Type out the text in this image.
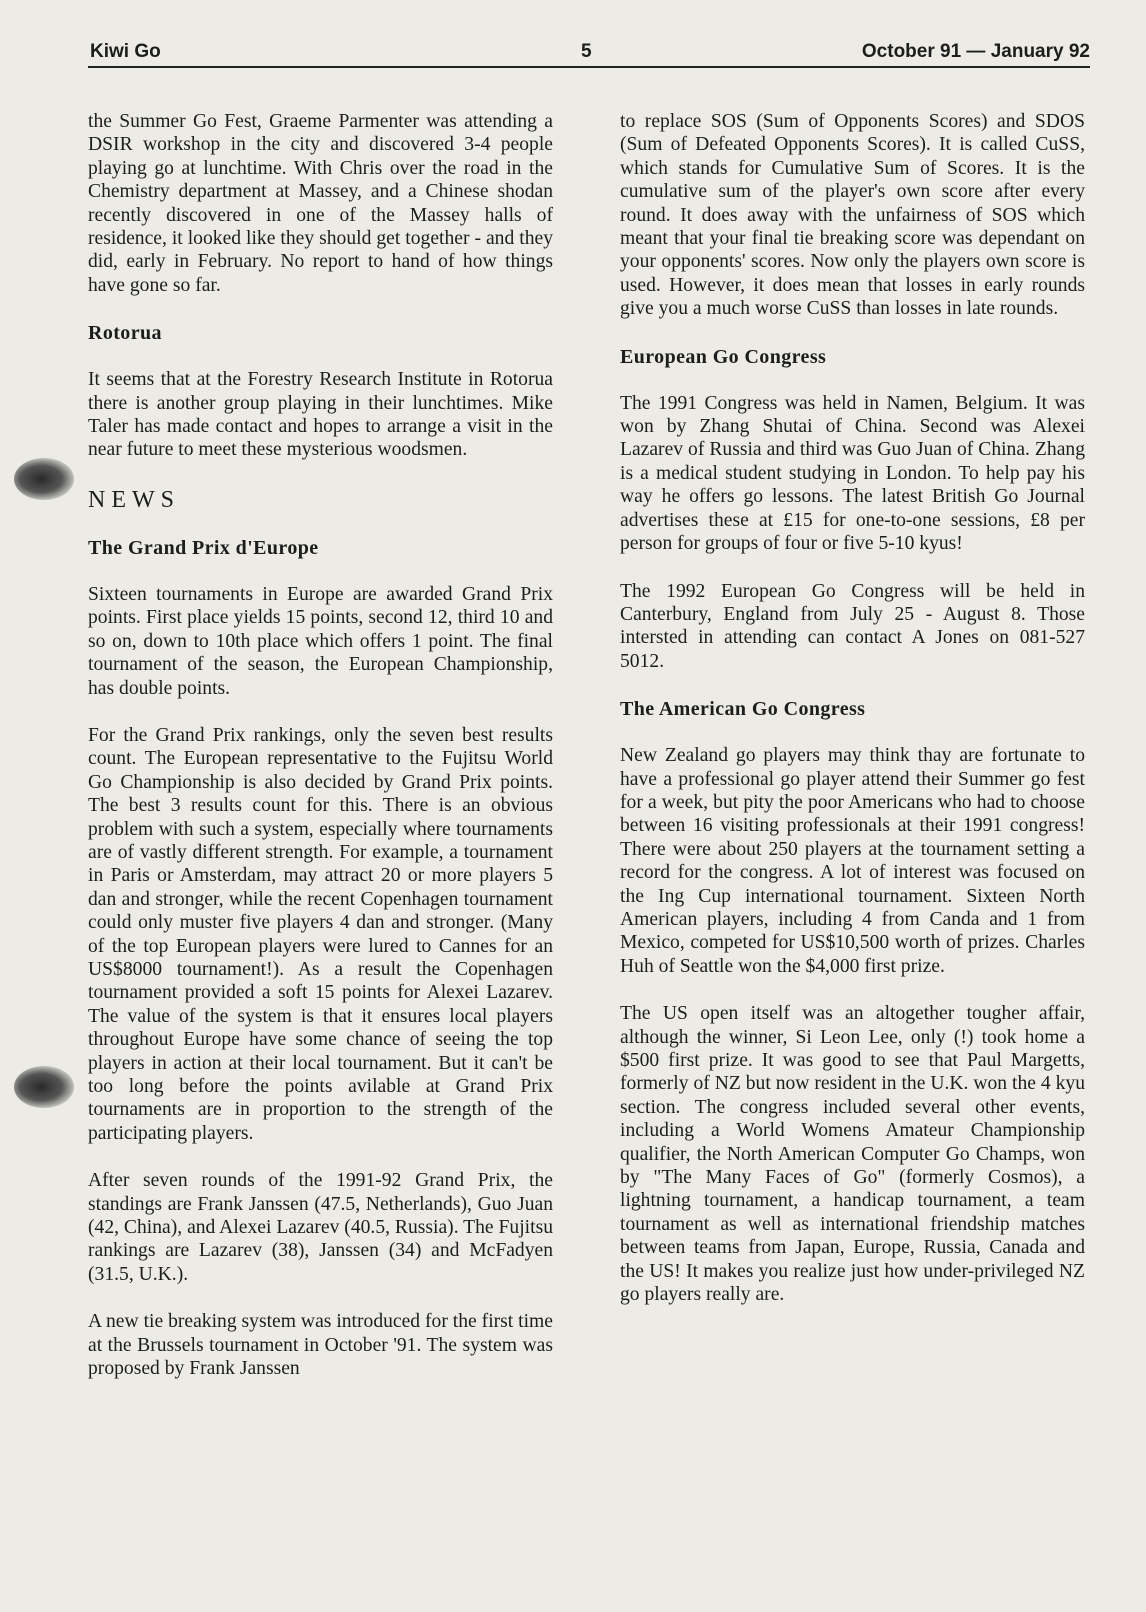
Kiwi Go	5	October 91 — January 92

the Summer Go Fest, Graeme Parmenter was attending a DSIR workshop in the city and discovered 3-4 people playing go at lunchtime. With Chris over the road in the Chemistry department at Massey, and a Chinese shodan recently discovered in one of the Massey halls of residence, it looked like they should get together - and they did, early in February. No report to hand of how things have gone so far.

Rotorua

It seems that at the Forestry Research Institute in Rotorua there is another group playing in their lunchtimes. Mike Taler has made contact and hopes to arrange a visit in the near future to meet these mysterious woodsmen.

NEWS
The Grand Prix d'Europe

Sixteen tournaments in Europe are awarded Grand Prix points. First place yields 15 points, second 12, third 10 and so on, down to 10th place which offers 1 point. The final tournament of the season, the European Championship, has double points.

For the Grand Prix rankings, only the seven best results count. The European representative to the Fujitsu World Go Championship is also decided by Grand Prix points. The best 3 results count for this. There is an obvious problem with such a system, especially where tournaments are of vastly different strength. For example, a tournament in Paris or Amsterdam, may attract 20 or more players 5 dan and stronger, while the recent Copenhagen tournament could only muster five players 4 dan and stronger. (Many of the top European players were lured to Cannes for an US$8000 tournament!). As a result the Copenhagen tournament provided a soft 15 points for Alexei Lazarev. The value of the system is that it ensures local players throughout Europe have some chance of seeing the top players in action at their local tournament. But it can't be too long before the points avilable at Grand Prix tournaments are in proportion to the strength of the participating players.

After seven rounds of the 1991-92 Grand Prix, the standings are Frank Janssen (47.5, Netherlands), Guo Juan (42, China), and Alexei Lazarev (40.5, Russia). The Fujitsu rankings are Lazarev (38), Janssen (34) and McFadyen (31.5, U.K.).

A new tie breaking system was introduced for the first time at the Brussels tournament in October '91. The system was proposed by Frank Janssen

to replace SOS (Sum of Opponents Scores) and SDOS (Sum of Defeated Opponents Scores). It is called CuSS, which stands for Cumulative Sum of Scores. It is the cumulative sum of the player's own score after every round. It does away with the unfairness of SOS which meant that your final tie breaking score was dependant on your opponents' scores. Now only the players own score is used. However, it does mean that losses in early rounds give you a much worse CuSS than losses in late rounds.

European Go Congress

The 1991 Congress was held in Namen, Belgium. It was won by Zhang Shutai of China. Second was Alexei Lazarev of Russia and third was Guo Juan of China. Zhang is a medical student studying in London. To help pay his way he offers go lessons. The latest British Go Journal advertises these at £15 for one-to-one sessions, £8 per person for groups of four or five 5-10 kyus!

The 1992 European Go Congress will be held in Canterbury, England from July 25 - August 8. Those intersted in attending can contact A Jones on 081-527 5012.

The American Go Congress

New Zealand go players may think thay are fortunate to have a professional go player attend their Summer go fest for a week, but pity the poor Americans who had to choose between 16 visiting professionals at their 1991 congress! There were about 250 players at the tournament setting a record for the congress. A lot of interest was focused on the Ing Cup international tournament. Sixteen North American players, including 4 from Canda and 1 from Mexico, competed for US$10,500 worth of prizes. Charles Huh of Seattle won the $4,000 first prize.

The US open itself was an altogether tougher affair, although the winner, Si Leon Lee, only (!) took home a $500 first prize. It was good to see that Paul Margetts, formerly of NZ but now resident in the U.K. won the 4 kyu section. The congress included several other events, including a World Womens Amateur Championship qualifier, the North American Computer Go Champs, won by "The Many Faces of Go" (formerly Cosmos), a lightning tournament, a handicap tournament, a team tournament as well as international friendship matches between teams from Japan, Europe, Russia, Canada and the US! It makes you realize just how under-privileged NZ go players really are.
